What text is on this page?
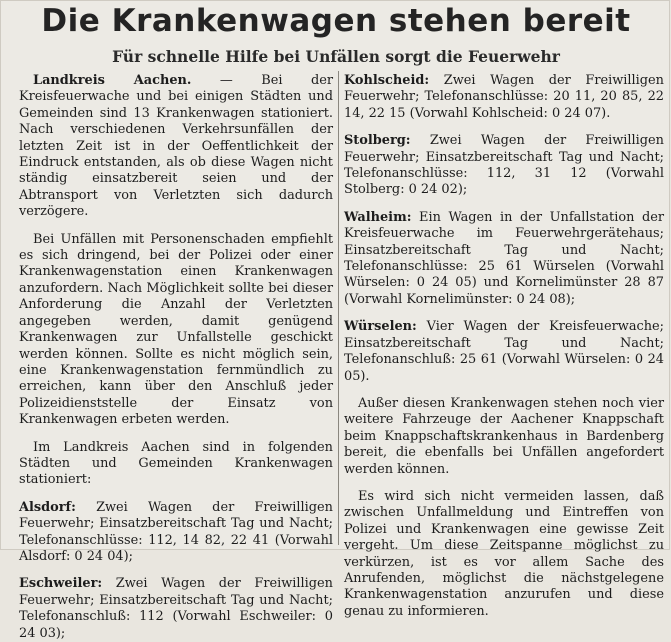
Die Krankenwagen stehen bereit
Für schnelle Hilfe bei Unfällen sorgt die Feuerwehr

Landkreis Aachen. — Bei der Kreisfeuerwache und bei einigen Städten und Gemeinden sind 13 Krankenwagen stationiert. Nach verschiedenen Verkehrsunfällen der letzten Zeit ist in der Oeffentlichkeit der Eindruck entstanden, als ob diese Wagen nicht ständig einsatzbereit seien und der Abtransport von Verletzten sich dadurch verzögere.

Bei Unfällen mit Personenschaden empfiehlt es sich dringend, bei der Polizei oder einer Krankenwagenstation einen Krankenwagen anzufordern. Nach Möglichkeit sollte bei dieser Anforderung die Anzahl der Verletzten angegeben werden, damit genügend Krankenwagen zur Unfallstelle geschickt werden können. Sollte es nicht möglich sein, eine Krankenwagenstation fernmündlich zu erreichen, kann über den Anschluß jeder Polizeidienststelle der Einsatz von Krankenwagen erbeten werden.

Im Landkreis Aachen sind in folgenden Städten und Gemeinden Krankenwagen stationiert:

Alsdorf: Zwei Wagen der Freiwilligen Feuerwehr; Einsatzbereitschaft Tag und Nacht; Telefonanschlüsse: 112, 14 82, 22 41 (Vorwahl Alsdorf: 0 24 04);

Eschweiler: Zwei Wagen der Freiwilligen Feuerwehr; Einsatzbereitschaft Tag und Nacht; Telefonanschluß: 112 (Vorwahl Eschweiler: 0 24 03);

Kohlscheid: Zwei Wagen der Freiwilligen Feuerwehr; Telefonanschlüsse: 20 11, 20 85, 22 14, 22 15 (Vorwahl Kohlscheid: 0 24 07).

Stolberg: Zwei Wagen der Freiwilligen Feuerwehr; Einsatzbereitschaft Tag und Nacht; Telefonanschlüsse: 112, 31 12 (Vorwahl Stolberg: 0 24 02);

Walheim: Ein Wagen in der Unfallstation der Kreisfeuerwache im Feuerwehrgerätehaus; Einsatzbereitschaft Tag und Nacht; Telefonanschlüsse: 25 61 Würselen (Vorwahl Würselen: 0 24 05) und Kornelimünster 28 87 (Vorwahl Kornelimünster: 0 24 08);

Würselen: Vier Wagen der Kreisfeuerwache; Einsatzbereitschaft Tag und Nacht; Telefonanschluß: 25 61 (Vorwahl Würselen: 0 24 05).

Außer diesen Krankenwagen stehen noch vier weitere Fahrzeuge der Aachener Knappschaft beim Knappschaftskrankenhaus in Bardenberg bereit, die ebenfalls bei Unfällen angefordert werden können.

Es wird sich nicht vermeiden lassen, daß zwischen Unfallmeldung und Eintreffen von Polizei und Krankenwagen eine gewisse Zeit vergeht. Um diese Zeitspanne möglichst zu verkürzen, ist es vor allem Sache des Anrufenden, möglichst die nächstgelegene Krankenwagenstation anzurufen und diese genau zu informieren.
